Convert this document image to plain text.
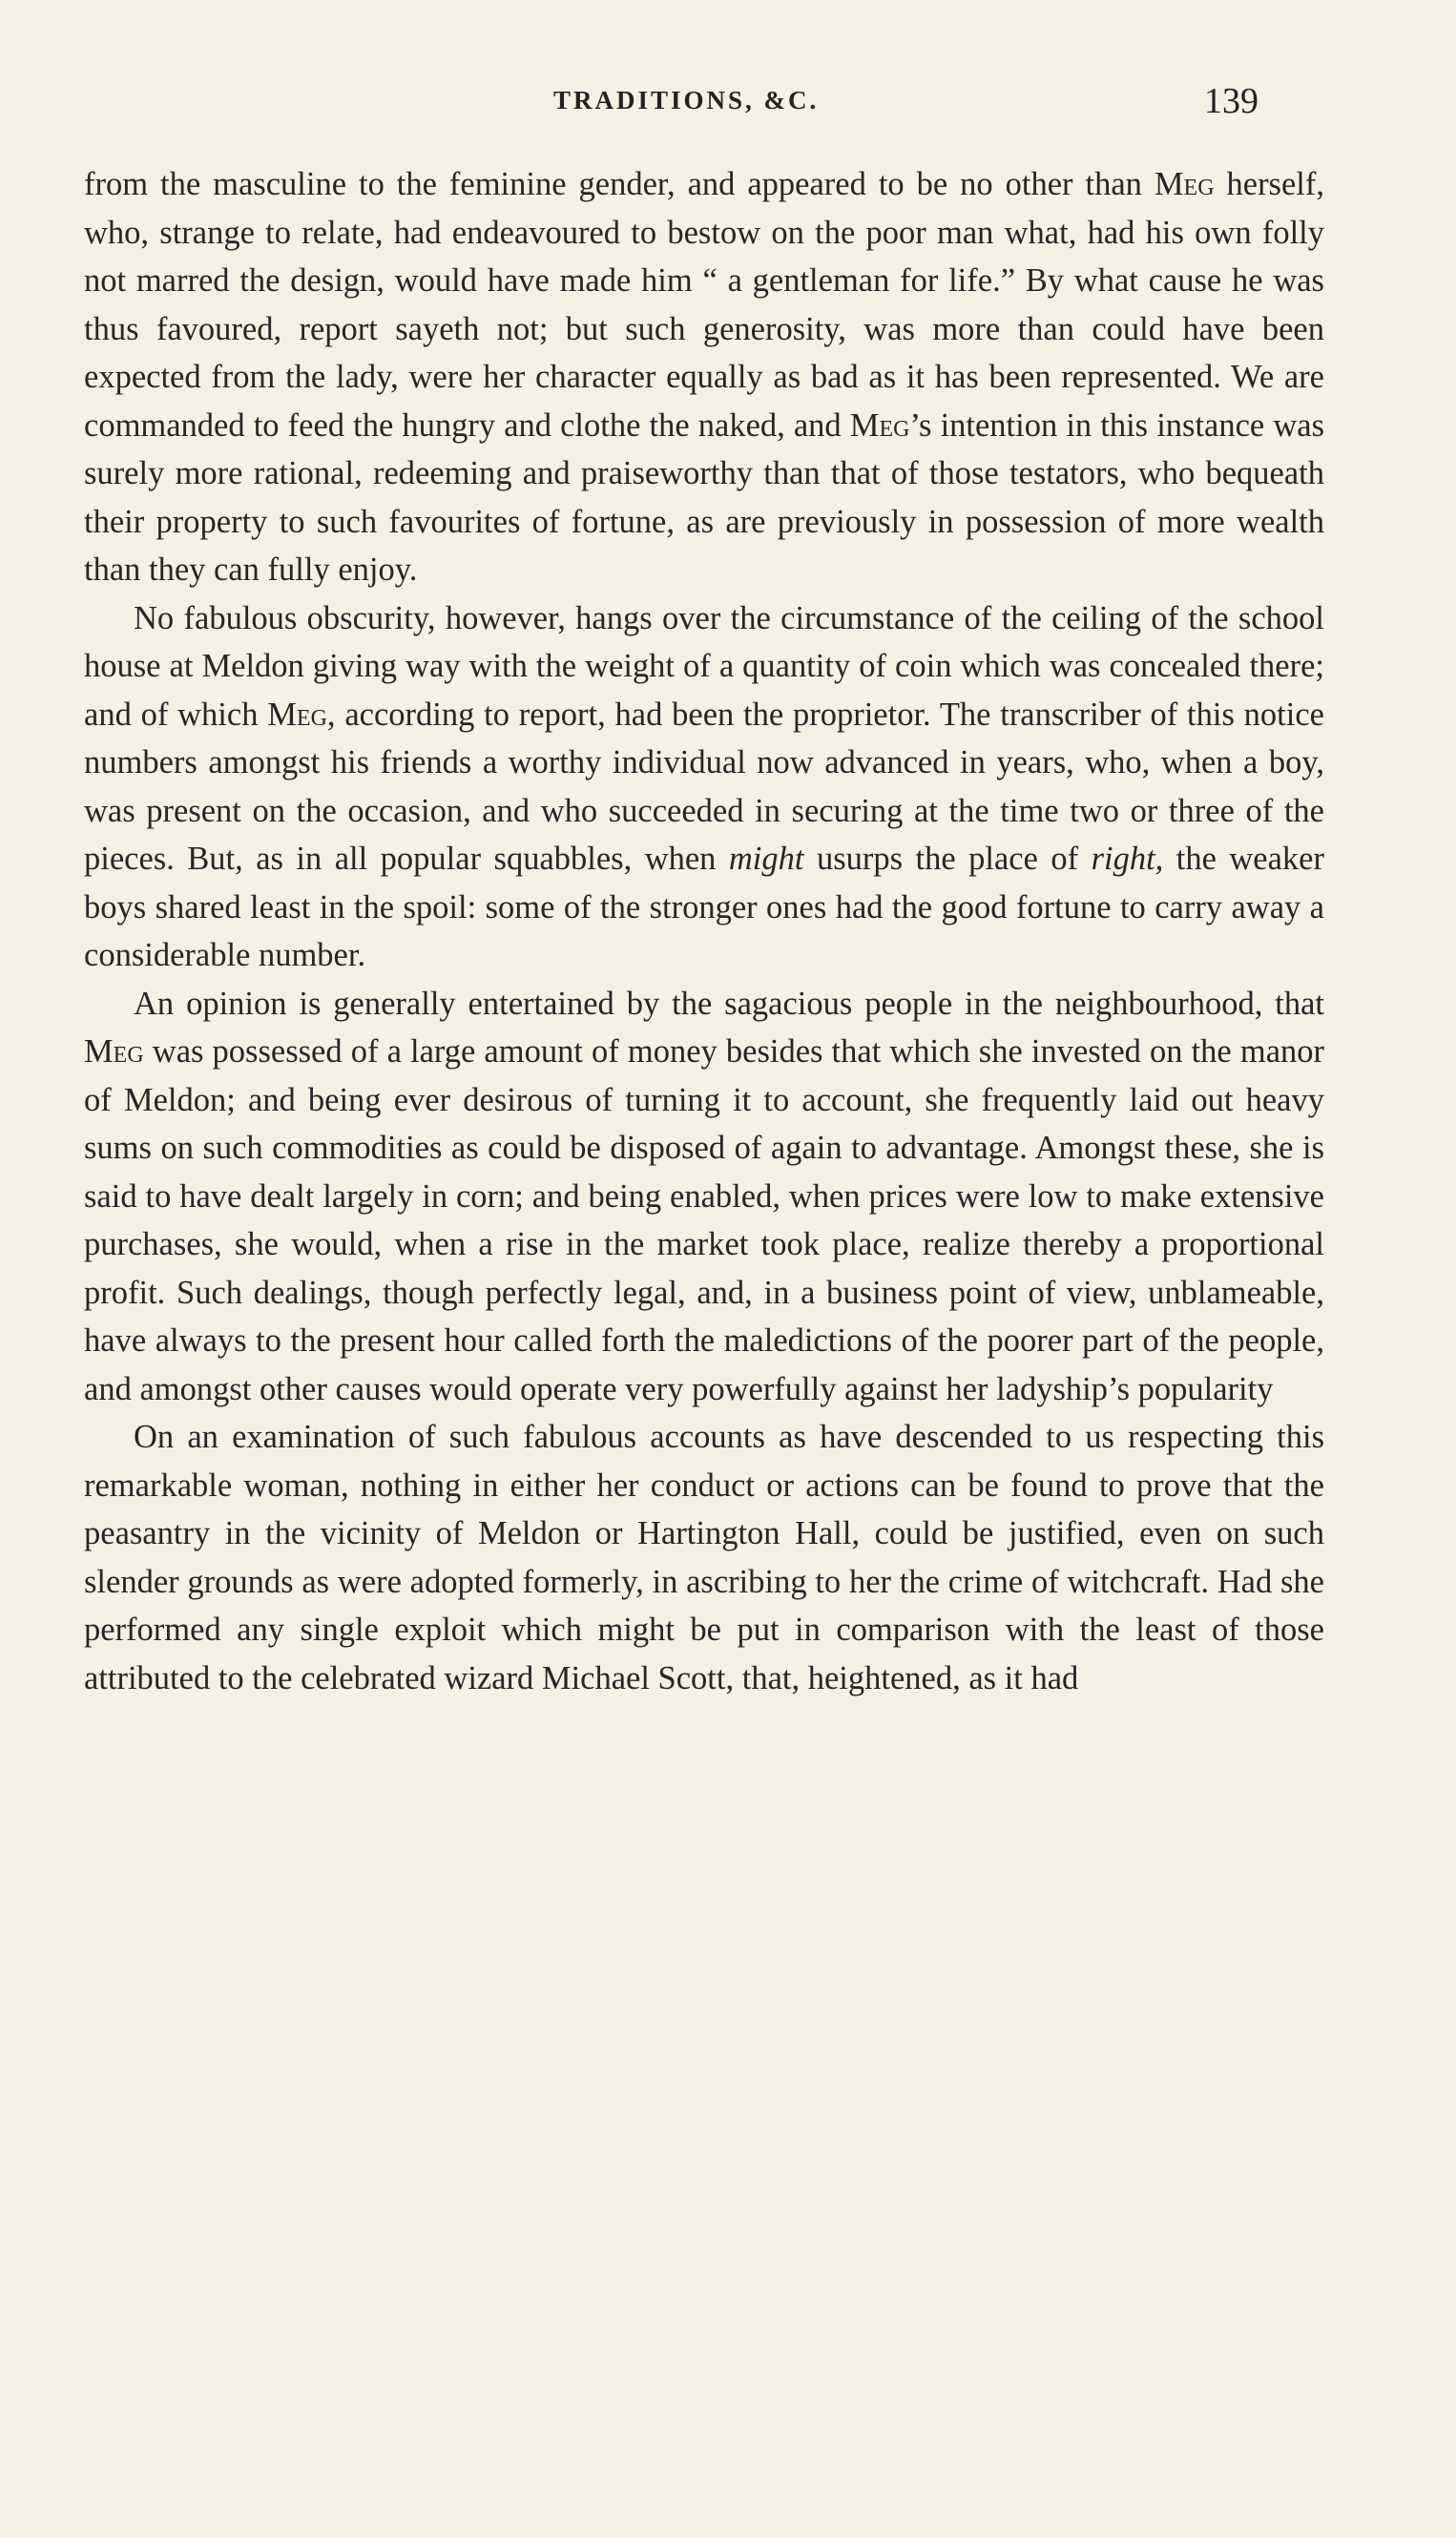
TRADITIONS, &C.	139

from the masculine to the feminine gender, and appeared to be no other than Meg herself, who, strange to relate, had endeavoured to bestow on the poor man what, had his own folly not marred the design, would have made him “ a gentleman for life.” By what cause he was thus favoured, report sayeth not; but such generosity, was more than could have been expected from the lady, were her character equally as bad as it has been represented. We are commanded to feed the hungry and clothe the naked, and Meg’s intention in this instance was surely more rational, redeeming and praiseworthy than that of those testators, who bequeath their property to such favourites of fortune, as are previously in possession of more wealth than they can fully enjoy.

No fabulous obscurity, however, hangs over the circumstance of the ceiling of the school house at Meldon giving way with the weight of a quantity of coin which was concealed there; and of which Meg, according to report, had been the proprietor. The transcriber of this notice numbers amongst his friends a worthy individual now advanced in years, who, when a boy, was present on the occasion, and who succeeded in securing at the time two or three of the pieces. But, as in all popular squabbles, when might usurps the place of right, the weaker boys shared least in the spoil: some of the stronger ones had the good fortune to carry away a considerable number.

An opinion is generally entertained by the sagacious people in the neighbourhood, that Meg was possessed of a large amount of money besides that which she invested on the manor of Meldon; and being ever desirous of turning it to account, she frequently laid out heavy sums on such commodities as could be disposed of again to advantage. Amongst these, she is said to have dealt largely in corn; and being enabled, when prices were low to make extensive purchases, she would, when a rise in the market took place, realize thereby a proportional profit. Such dealings, though perfectly legal, and, in a business point of view, unblameable, have always to the present hour called forth the maledictions of the poorer part of the people, and amongst other causes would operate very powerfully against her ladyship’s popularity

On an examination of such fabulous accounts as have descended to us respecting this remarkable woman, nothing in either her conduct or actions can be found to prove that the peasantry in the vicinity of Meldon or Hartington Hall, could be justified, even on such slender grounds as were adopted formerly, in ascribing to her the crime of witchcraft. Had she performed any single exploit which might be put in comparison with the least of those attributed to the celebrated wizard Michael Scott, that, heightened, as it had
